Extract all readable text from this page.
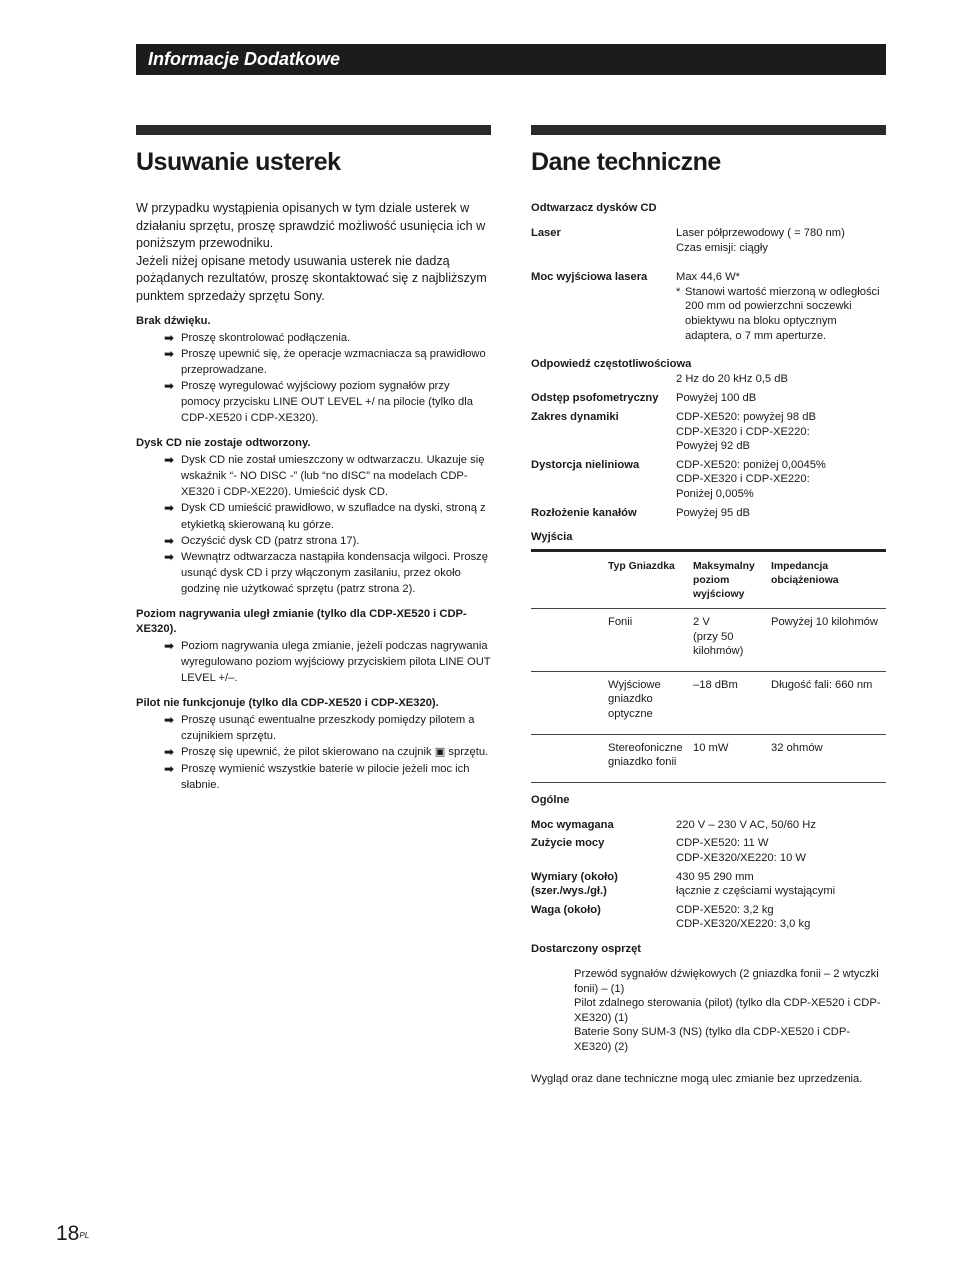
Informacje Dodatkowe
Usuwanie usterek

W przypadku wystąpienia opisanych w tym dziale usterek w działaniu sprzętu, proszę sprawdzić możliwość usunięcia ich w poniższym przewodniku.

Jeżeli niżej opisane metody usuwania usterek nie dadzą pożądanych rezultatów, proszę skontaktować się z najbliższym punktem sprzedaży sprzętu Sony.

Brak dźwięku.
➡ Proszę skontrolować podłączenia.
➡ Proszę upewnić się, że operacje wzmacniacza są prawidłowo przeprowadzane.
➡ Proszę wyregulować wyjściowy poziom sygnałów przy pomocy przycisku LINE OUT LEVEL +/ na pilocie (tylko dla CDP-XE520 i CDP-XE320).
Dysk CD nie zostaje odtworzony.
➡ Dysk CD nie został umieszczony w odtwarzaczu. Ukazuje się wskaźnik “- NO DISC -” (lub “no dISC” na modelach CDP-XE320 i CDP-XE220). Umieścić dysk CD.
➡ Dysk CD umieścić prawidłowo, w szufladce na dyski, stroną z etykietką skierowaną ku górze.
➡ Oczyścić dysk CD (patrz strona 17).
➡ Wewnątrz odtwarzacza nastąpiła kondensacja wilgoci. Proszę usunąć dysk CD i przy włączonym zasilaniu, przez około godzinę nie użytkować sprzętu (patrz strona 2).
Poziom nagrywania uległ zmianie (tylko dla CDP-XE520 i CDP-XE320).
➡ Poziom nagrywania ulega zmianie, jeżeli podczas nagrywania wyregulowano poziom wyjściowy przyciskiem pilota LINE OUT LEVEL +/–.
Pilot nie funkcjonuje (tylko dla CDP-XE520 i CDP-XE320).
➡ Proszę usunąć ewentualne przeszkody pomiędzy pilotem a czujnikiem sprzętu.
➡ Proszę się upewnić, że pilot skierowano na czujnik ▣ sprzętu.
➡ Proszę wymienić wszystkie baterie w pilocie jeżeli moc ich słabnie.
Dane techniczne
Odtwarzacz dysków CD
Laser	Laser półprzewodowy ( = 780 nm)
Czas emisji: ciągły
Moc wyjściowa lasera	Max 44,6 W*
* Stanowi wartość mierzoną w odległości 200 mm od powierzchni soczewki obiektywu na bloku optycznym adaptera, o 7 mm aperturze.
Odpowiedź częstotliwościowa
2 Hz do 20 kHz 0,5 dB
Odstęp psofometryczny	Powyżej 100 dB
Zakres dynamiki	CDP-XE520: powyżej 98 dB
CDP-XE320 i CDP-XE220:
Powyżej 92 dB
Dystorcja nieliniowa	CDP-XE520: poniżej 0,0045%
CDP-XE320 i CDP-XE220:
Poniżej 0,005%
Rozłożenie kanałów	Powyżej 95 dB
Wyjścia
	Typ Gniazdka	Maksymalny poziom wyjściowy	Impedancja obciążeniowa
	Fonii	2 V
(przy 50 kilohmów)	Powyżej 10 kilohmów
	Wyjściowe gniazdko optyczne	–18 dBm	Długość fali: 660 nm
	Stereofoniczne gniazdko fonii	10 mW	32 ohmów
Ogólne
Moc wymagana	220 V – 230 V AC, 50/60 Hz
Zużycie mocy	CDP-XE520: 11 W
CDP-XE320/XE220: 10 W
Wymiary (około)
(szer./wys./gł.)
430 95 290 mm
łącznie z częściami wystającymi
Waga (około)	CDP-XE520: 3,2 kg
CDP-XE320/XE220: 3,0 kg
Dostarczony osprzęt

Przewód sygnałów dźwiękowych (2 gniazdka fonii – 2 wtyczki fonii) – (1)

Pilot zdalnego sterowania (pilot) (tylko dla CDP-XE520 i CDP-XE320) (1)

Baterie Sony SUM-3 (NS) (tylko dla CDP-XE520 i CDP-XE320) (2)

Wygląd oraz dane techniczne mogą ulec zmianie bez uprzedzenia.
$18^{PL}$
